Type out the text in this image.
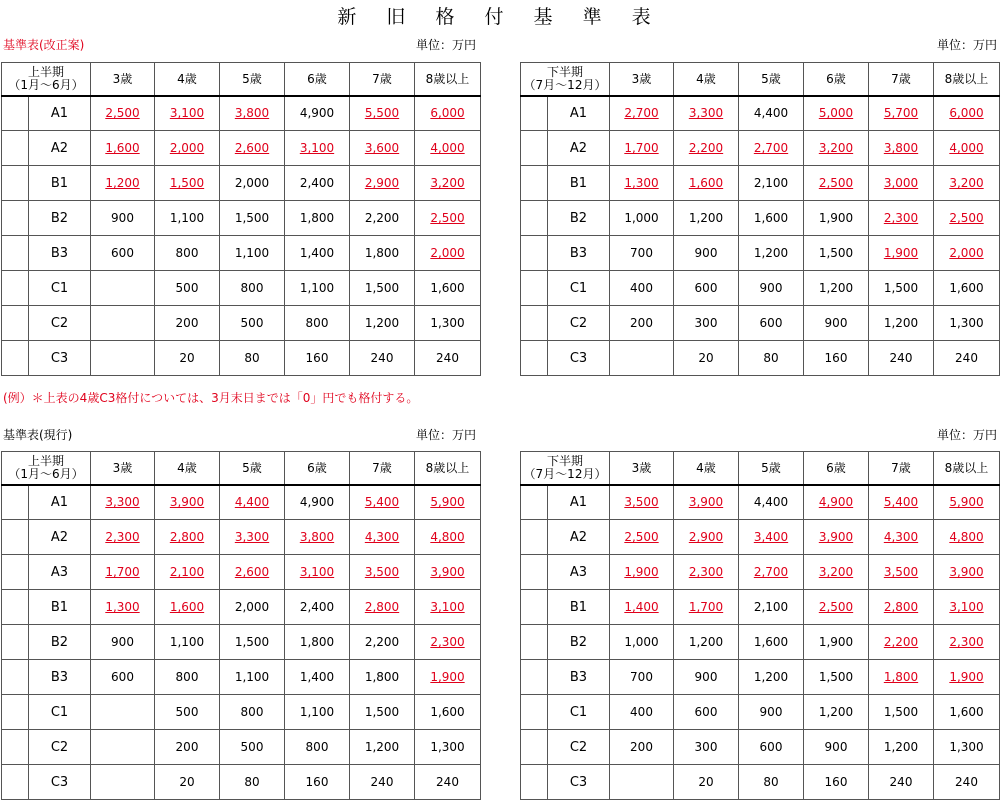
新 旧 格 付 基 準 表
基準表(改正案)	単位：万円	単位：万円
上半期
（1月～6月）		3歳	4歳	5歳	6歳	7歳	8歳以上
	A1	2,500	3,100	3,800	4,900	5,500	6,000
	A2	1,600	2,000	2,600	3,100	3,600	4,000
	B1	1,200	1,500	2,000	2,400	2,900	3,200
	B2	900	1,100	1,500	1,800	2,200	2,500
	B3	600	800	1,100	1,400	1,800	2,000
	C1		500	800	1,100	1,500	1,600
	C2		200	500	800	1,200	1,300
	C3		20	80	160	240	240
下半期
（7月～12月）		3歳	4歳	5歳	6歳	7歳	8歳以上
	A1	2,700	3,300	4,400	5,000	5,700	6,000
	A2	1,700	2,200	2,700	3,200	3,800	4,000
	B1	1,300	1,600	2,100	2,500	3,000	3,200
	B2	1,000	1,200	1,600	1,900	2,300	2,500
	B3	700	900	1,200	1,500	1,900	2,000
	C1	400	600	900	1,200	1,500	1,600
	C2	200	300	600	900	1,200	1,300
	C3		20	80	160	240	240
(例）＊上表の4歳C3格付については、3月末日までは「0」円でも格付する。
基準表(現行)	単位：万円	単位：万円
上半期
（1月～6月）		3歳	4歳	5歳	6歳	7歳	8歳以上
	A1	3,300	3,900	4,400	4,900	5,400	5,900
	A2	2,300	2,800	3,300	3,800	4,300	4,800
	A3	1,700	2,100	2,600	3,100	3,500	3,900
	B1	1,300	1,600	2,000	2,400	2,800	3,100
	B2	900	1,100	1,500	1,800	2,200	2,300
	B3	600	800	1,100	1,400	1,800	1,900
	C1		500	800	1,100	1,500	1,600
	C2		200	500	800	1,200	1,300
	C3		20	80	160	240	240
下半期
（7月～12月）		3歳	4歳	5歳	6歳	7歳	8歳以上
	A1	3,500	3,900	4,400	4,900	5,400	5,900
	A2	2,500	2,900	3,400	3,900	4,300	4,800
	A3	1,900	2,300	2,700	3,200	3,500	3,900
	B1	1,400	1,700	2,100	2,500	2,800	3,100
	B2	1,000	1,200	1,600	1,900	2,200	2,300
	B3	700	900	1,200	1,500	1,800	1,900
	C1	400	600	900	1,200	1,500	1,600
	C2	200	300	600	900	1,200	1,300
	C3		20	80	160	240	240
